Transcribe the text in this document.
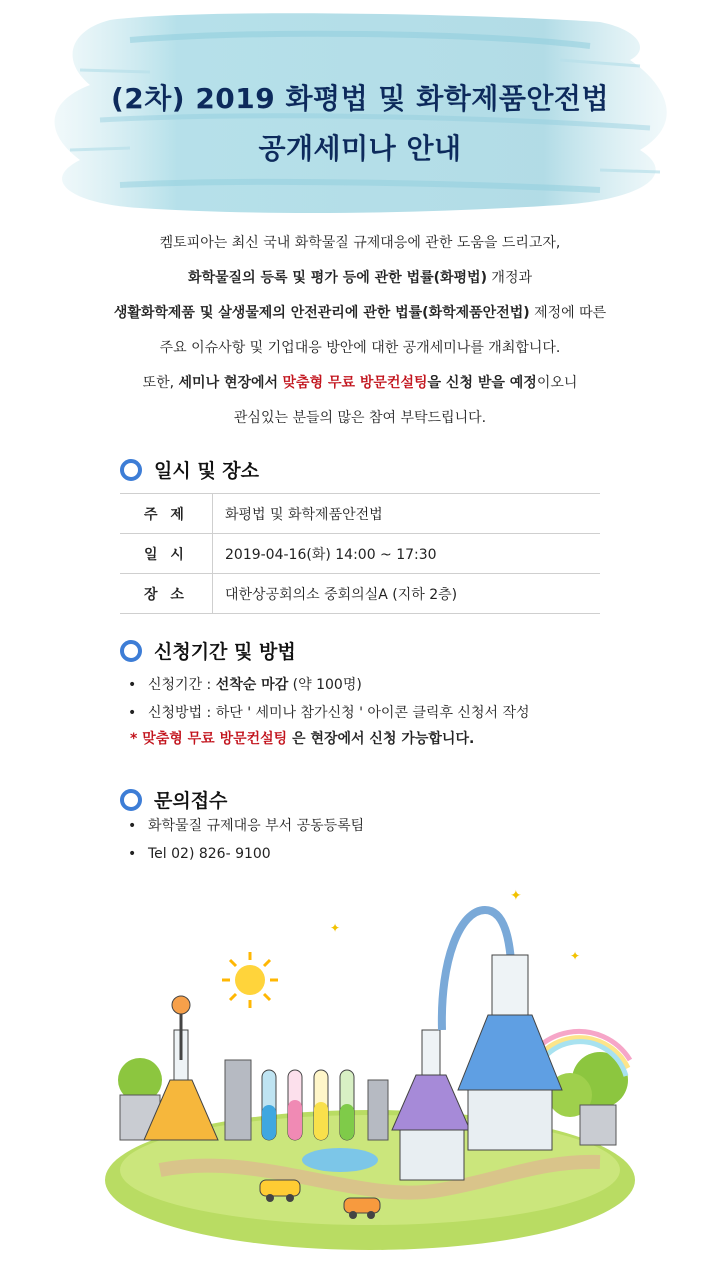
(2차) 2019 화평법 및 화학제품안전법
공개세미나 안내

켐토피아는 최신 국내 화학물질 규제대응에 관한 도움을 드리고자,

화학물질의 등록 및 평가 등에 관한 법률(화평법) 개정과

생활화학제품 및 살생물제의 안전관리에 관한 법률(화학제품안전법) 제정에 따른

주요 이슈사항 및 기업대응 방안에 대한 공개세미나를 개최합니다.

또한, 세미나 현장에서 맞춤형 무료 방문컨설팅을 신청 받을 예정이오니

관심있는 분들의 많은 참여 부탁드립니다.

일시 및 장소
주 제	화평법 및 화학제품안전법
일 시	2019-04-16(화) 14:00 ~ 17:30
장 소	대한상공회의소 중회의실A (지하 2층)
신청기간 및 방법
• 신청기간 : 선착순 마감 (약 100명)
• 신청방법 : 하단 ' 세미나 참가신청 ' 아이콘 클릭후 신청서 작성
* 맞춤형 무료 방문컨설팅 은 현장에서 신청 가능합니다.
문의접수
• 화학물질 규제대응 부서 공동등록팀
• Tel 02) 826- 9100
✦
✦
✦
